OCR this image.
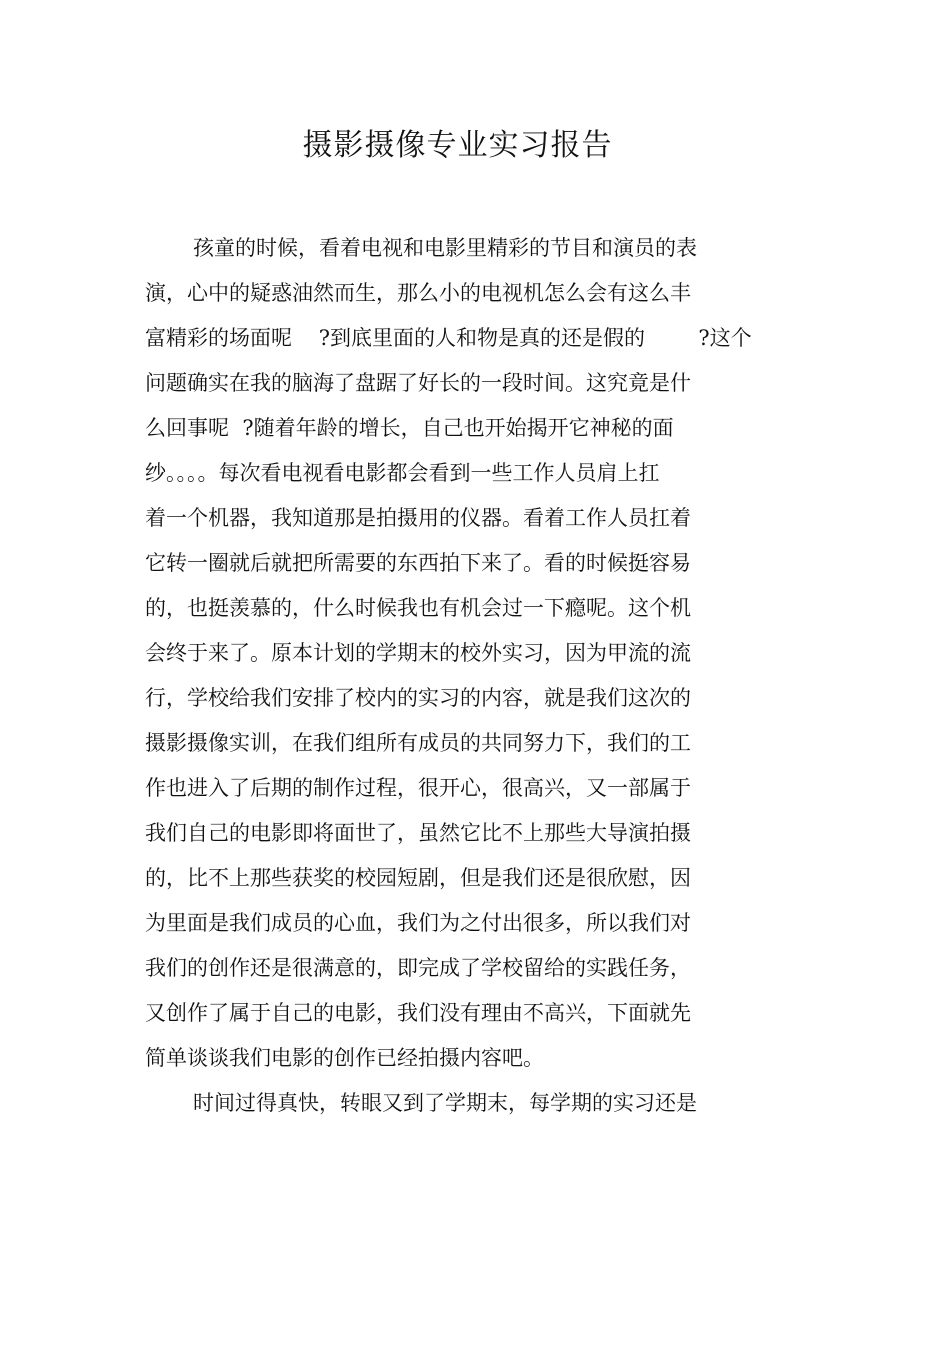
摄影摄像专业实习报告

孩童的时候，看着电视和电影里精彩的节目和演员的表

演，心中的疑惑油然而生，那么小的电视机怎么会有这么丰

富精彩的场面呢    ?到底里面的人和物是真的还是假的        ?这个

问题确实在我的脑海了盘踞了好长的一段时间。这究竟是什

么回事呢  ?随着年龄的增长，自己也开始揭开它神秘的面

纱。。。。每次看电视看电影都会看到一些工作人员肩上扛

着一个机器，我知道那是拍摄用的仪器。看着工作人员扛着

它转一圈就后就把所需要的东西拍下来了。看的时候挺容易

的，也挺羡慕的，什么时候我也有机会过一下瘾呢。这个机

会终于来了。原本计划的学期末的校外实习，因为甲流的流

行，学校给我们安排了校内的实习的内容，就是我们这次的

摄影摄像实训，在我们组所有成员的共同努力下，我们的工

作也进入了后期的制作过程，很开心，很高兴，又一部属于

我们自己的电影即将面世了，虽然它比不上那些大导演拍摄

的，比不上那些获奖的校园短剧，但是我们还是很欣慰，因

为里面是我们成员的心血，我们为之付出很多，所以我们对

我们的创作还是很满意的，即完成了学校留给的实践任务，

又创作了属于自己的电影，我们没有理由不高兴，下面就先

简单谈谈我们电影的创作已经拍摄内容吧。

时间过得真快，转眼又到了学期末，每学期的实习还是
